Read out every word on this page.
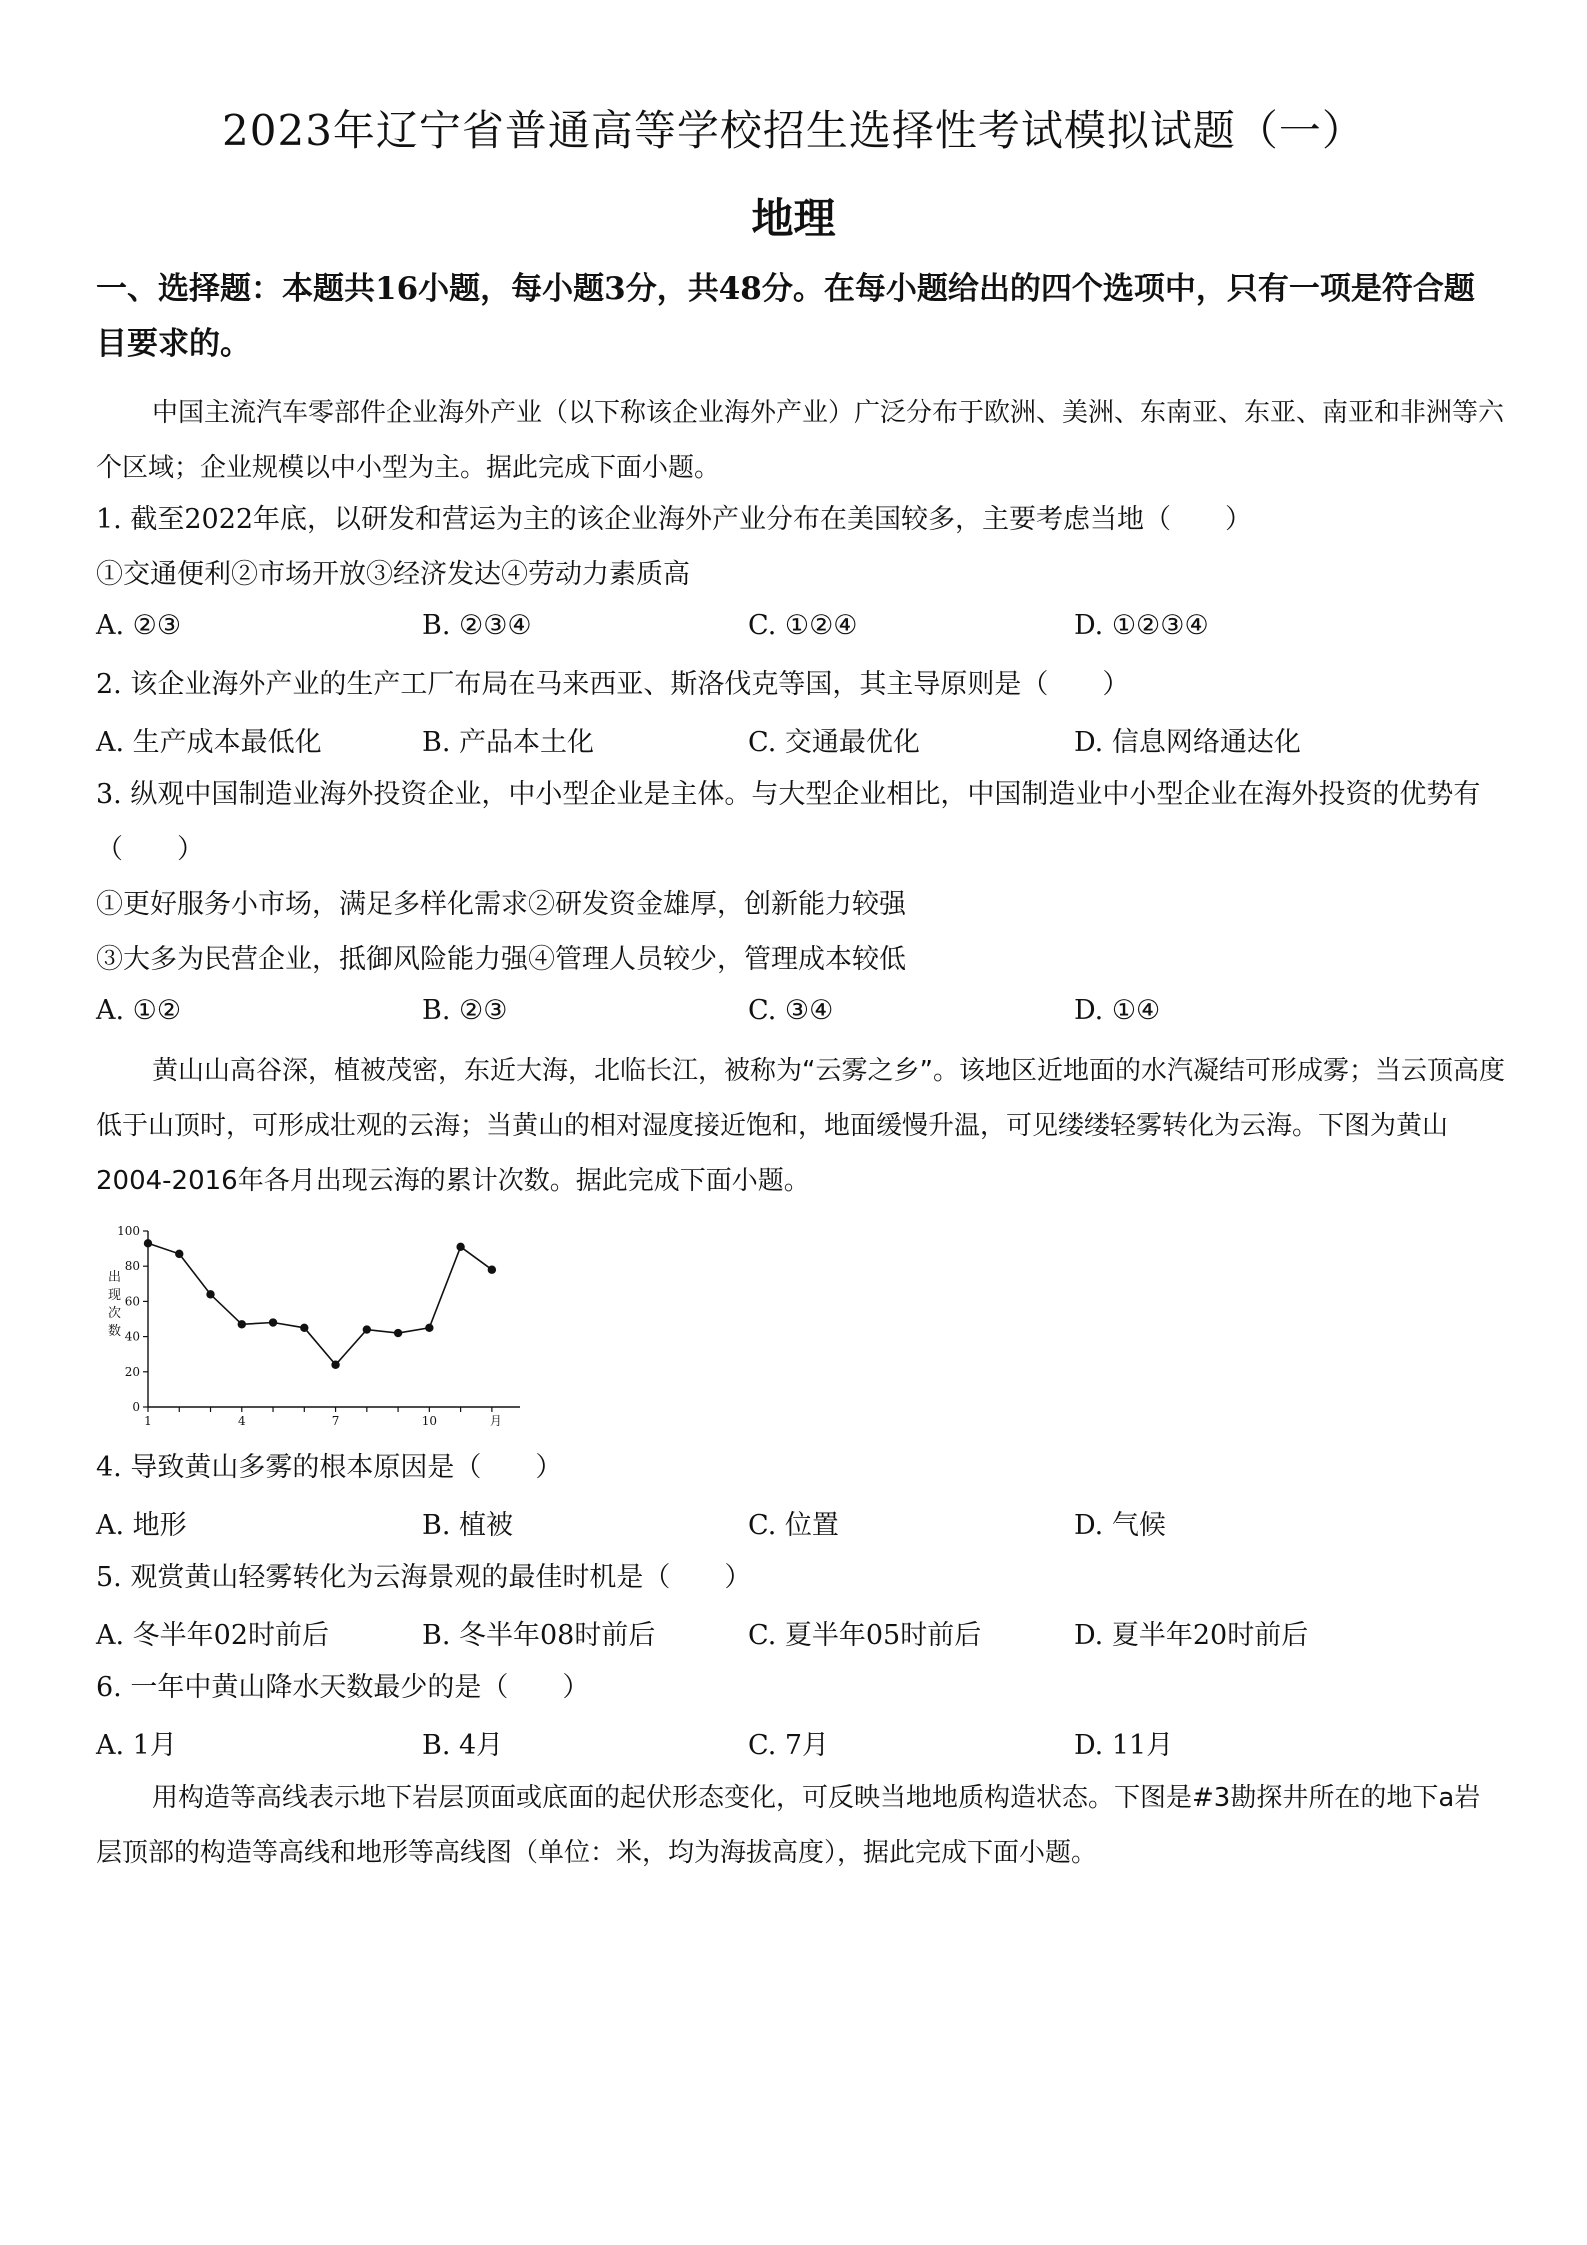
2023年辽宁省普通高等学校招生选择性考试模拟试题（一）
地理
一、选择题：本题共16小题，每小题3分，共48分。在每小题给出的四个选项中，只有一项是符合题目要求的。
中国主流汽车零部件企业海外产业（以下称该企业海外产业）广泛分布于欧洲、美洲、东南亚、东亚、南亚和非洲等六个区域；企业规模以中小型为主。据此完成下面小题。
1. 截至2022年底，以研发和营运为主的该企业海外产业分布在美国较多，主要考虑当地（　　）
①交通便利②市场开放③经济发达④劳动力素质高
A. ②③	B. ②③④	C. ①②④	D. ①②③④
2. 该企业海外产业的生产工厂布局在马来西亚、斯洛伐克等国，其主导原则是（　　）
A. 生产成本最低化	B. 产品本土化	C. 交通最优化	D. 信息网络通达化
3. 纵观中国制造业海外投资企业，中小型企业是主体。与大型企业相比，中国制造业中小型企业在海外投资的优势有（　　）
①更好服务小市场，满足多样化需求②研发资金雄厚，创新能力较强
③大多为民营企业，抵御风险能力强④管理人员较少，管理成本较低
A. ①②	B. ②③	C. ③④	D. ①④
黄山山高谷深，植被茂密，东近大海，北临长江，被称为“云雾之乡”。该地区近地面的水汽凝结可形成雾；当云顶高度低于山顶时，可形成壮观的云海；当黄山的相对湿度接近饱和，地面缓慢升温，可见缕缕轻雾转化为云海。下图为黄山2004-2016年各月出现云海的累计次数。据此完成下面小题。
出
现
次
数
0
20
40
60
80
100
1	4	7	10	月
4. 导致黄山多雾的根本原因是（　　）
A. 地形	B. 植被	C. 位置	D. 气候
5. 观赏黄山轻雾转化为云海景观的最佳时机是（　　）
A. 冬半年02时前后	B. 冬半年08时前后	C. 夏半年05时前后	D. 夏半年20时前后
6. 一年中黄山降水天数最少的是（　　）
A. 1月	B. 4月	C. 7月	D. 11月
用构造等高线表示地下岩层顶面或底面的起伏形态变化，可反映当地地质构造状态。下图是#3勘探井所在的地下a岩层顶部的构造等高线和地形等高线图（单位：米，均为海拔高度），据此完成下面小题。
